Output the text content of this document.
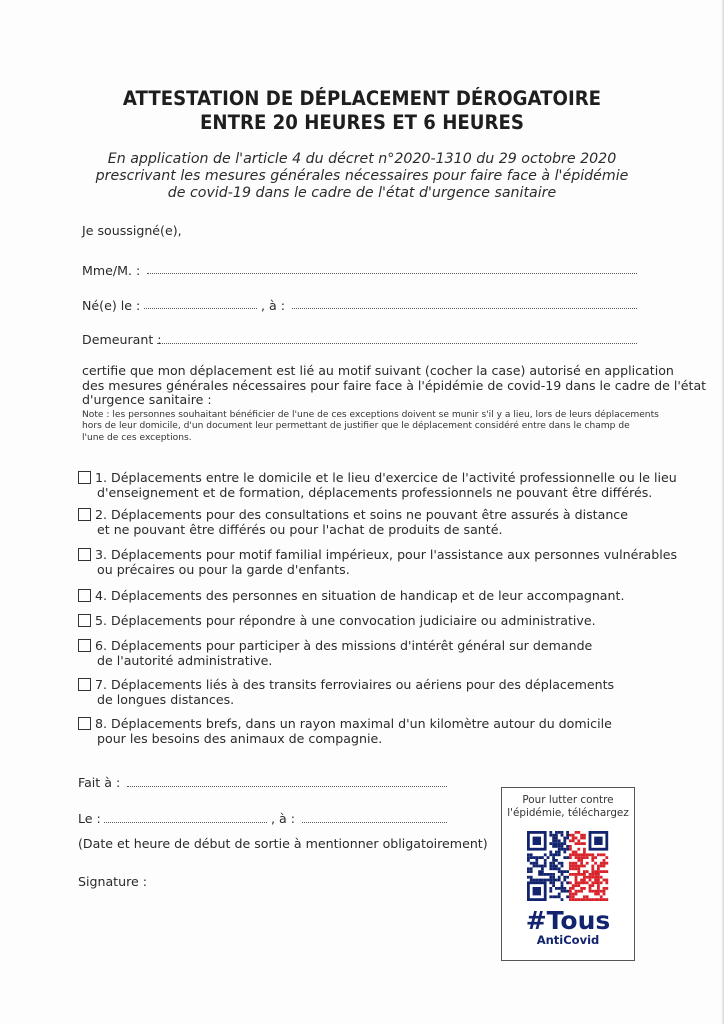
ATTESTATION DE DÉPLACEMENT DÉROGATOIRE
ENTRE 20 HEURES ET 6 HEURES
En application de l'article 4 du décret n°2020-1310 du 29 octobre 2020
prescrivant les mesures générales nécessaires pour faire face à l'épidémie
de covid-19 dans le cadre de l'état d'urgence sanitaire
Je soussigné(e),
Mme/M. :
Né(e) le :	, à :
Demeurant :
certifie que mon déplacement est lié au motif suivant (cocher la case) autorisé en application
des mesures générales nécessaires pour faire face à l'épidémie de covid-19 dans le cadre de l'état
d'urgence sanitaire :
Note : les personnes souhaitant bénéficier de l'une de ces exceptions doivent se munir s'il y a lieu, lors de leurs déplacements
hors de leur domicile, d'un document leur permettant de justifier que le déplacement considéré entre dans le champ de
l'une de ces exceptions.
1. Déplacements entre le domicile et le lieu d'exercice de l'activité professionnelle ou le lieu
d'enseignement et de formation, déplacements professionnels ne pouvant être différés.
2. Déplacements pour des consultations et soins ne pouvant être assurés à distance
et ne pouvant être différés ou pour l'achat de produits de santé.
3. Déplacements pour motif familial impérieux, pour l'assistance aux personnes vulnérables
ou précaires ou pour la garde d'enfants.
4. Déplacements des personnes en situation de handicap et de leur accompagnant.
5. Déplacements pour répondre à une convocation judiciaire ou administrative.
6. Déplacements pour participer à des missions d'intérêt général sur demande
de l'autorité administrative.
7. Déplacements liés à des transits ferroviaires ou aériens pour des déplacements
de longues distances.
8. Déplacements brefs, dans un rayon maximal d'un kilomètre autour du domicile
pour les besoins des animaux de compagnie.
Fait à :
Le :	, à :
(Date et heure de début de sortie à mentionner obligatoirement)
Signature :
Pour lutter contre
l'épidémie, téléchargez
#Tous
AntiCovid
